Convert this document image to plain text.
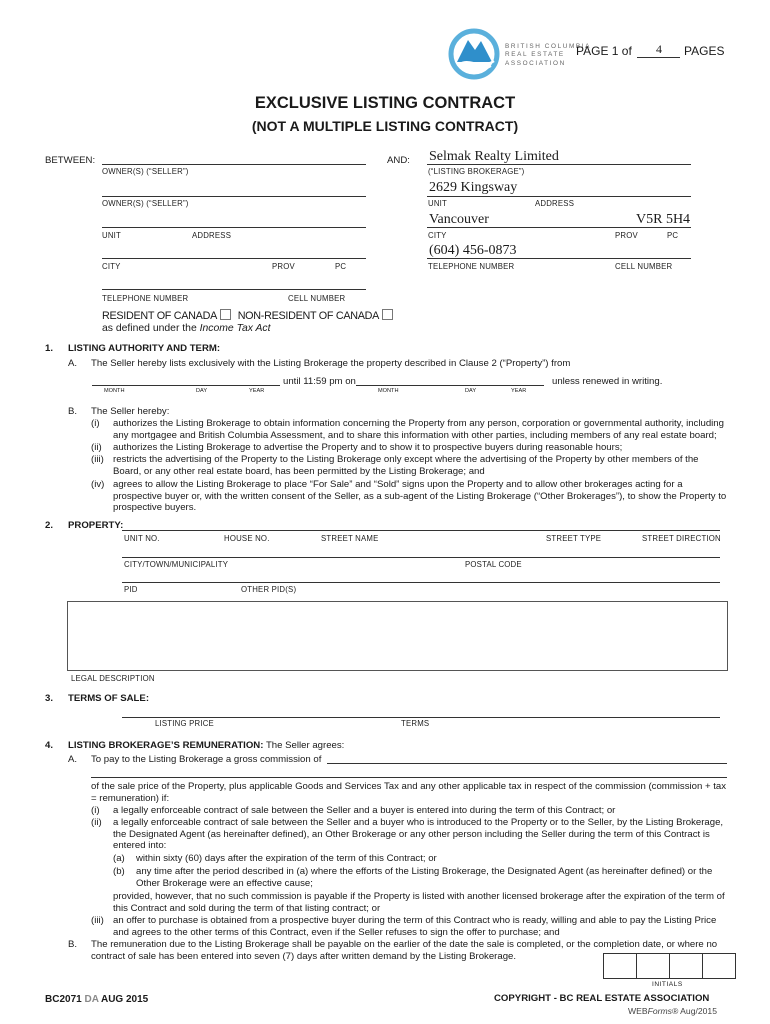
BRITISH COLUMBIA
REAL ESTATE
ASSOCIATION
PAGE 1 of	4	PAGES
EXCLUSIVE LISTING CONTRACT
(NOT A MULTIPLE LISTING CONTRACT)
BETWEEN:
OWNER(S) (“SELLER”)
OWNER(S) (“SELLER”)
UNIT	ADDRESS
CITY	PROV	PC
TELEPHONE NUMBER	CELL NUMBER
RESIDENT OF CANADA NON-RESIDENT OF CANADA
as defined under the Income Tax Act
AND: Selmak Realty Limited
(“LISTING BROKERAGE”)
2629 Kingsway
UNIT	ADDRESS
Vancouver	V5R 5H4
CITY	PROV	PC
(604) 456-0873
TELEPHONE NUMBER	CELL NUMBER
1. LISTING AUTHORITY AND TERM:
A. The Seller hereby lists exclusively with the Listing Brokerage the property described in Clause 2 (“Property”) from
until 11:59 pm on	unless renewed in writing.
MONTH	DAY	YEAR	MONTH	DAY	YEAR
B. The Seller hereby:
(i) authorizes the Listing Brokerage to obtain information concerning the Property from any person, corporation or governmental authority, including any mortgagee and British Columbia Assessment, and to share this information with other parties, including members of any real estate board;
(ii) authorizes the Listing Brokerage to advertise the Property and to show it to prospective buyers during reasonable hours;
(iii) restricts the advertising of the Property to the Listing Brokerage only except where the advertising of the Property by other members of the Board, or any other real estate board, has been permitted by the Listing Brokerage; and
(iv) agrees to allow the Listing Brokerage to place “For Sale” and “Sold” signs upon the Property and to allow other brokerages acting for a prospective buyer or, with the written consent of the Seller, as a sub-agent of the Listing Brokerage (“Other Brokerages”), to show the Property to prospective buyers.
2. PROPERTY:
UNIT NO.	HOUSE NO.	STREET NAME	STREET TYPE	STREET DIRECTION
CITY/TOWN/MUNICIPALITY	POSTAL CODE
PID	OTHER PID(S)
LEGAL DESCRIPTION
3. TERMS OF SALE:
LISTING PRICE	TERMS
4. LISTING BROKERAGE’S REMUNERATION: The Seller agrees:
A. To pay to the Listing Brokerage a gross commission of
of the sale price of the Property, plus applicable Goods and Services Tax and any other applicable tax in respect of the commission (commission + tax = remuneration) if:
(i) a legally enforceable contract of sale between the Seller and a buyer is entered into during the term of this Contract; or
(ii) a legally enforceable contract of sale between the Seller and a buyer who is introduced to the Property or to the Seller, by the Listing Brokerage, the Designated Agent (as hereinafter defined), an Other Brokerage or any other person including the Seller during the term of this Contract is entered into:
(a) within sixty (60) days after the expiration of the term of this Contract; or
(b) any time after the period described in (a) where the efforts of the Listing Brokerage, the Designated Agent (as hereinafter defined) or the Other Brokerage were an effective cause;
provided, however, that no such commission is payable if the Property is listed with another licensed brokerage after the expiration of the term of this Contract and sold during the term of that listing contract; or
(iii) an offer to purchase is obtained from a prospective buyer during the term of this Contract who is ready, willing and able to pay the Listing Price and agrees to the other terms of this Contract, even if the Seller refuses to sign the offer to purchase; and
B. The remuneration due to the Listing Brokerage shall be payable on the earlier of the date the sale is completed, or the completion date, or where no contract of sale has been entered into seven (7) days after written demand by the Listing Brokerage.
INITIALS
BC2071 DA AUG 2015	COPYRIGHT - BC REAL ESTATE ASSOCIATION
WEBForms® Aug/2015
